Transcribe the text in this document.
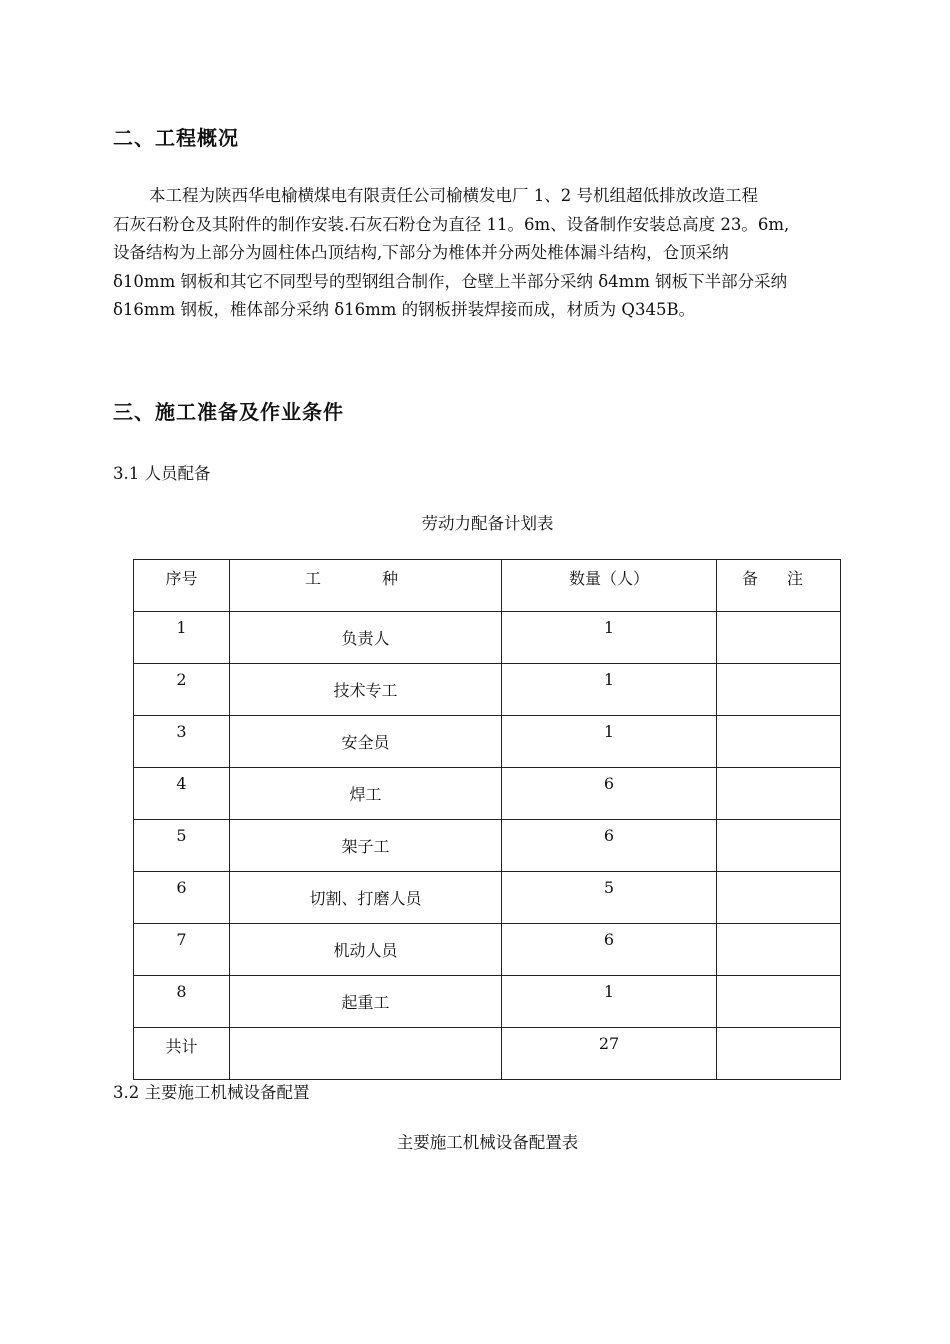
二、工程概况

本工程为陕西华电榆横煤电有限责任公司榆横发电厂 1、2 号机组超低排放改造工程
石灰石粉仓及其附件的制作安装.石灰石粉仓为直径 11。6m、设备制作安装总高度 23。6m,
设备结构为上部分为圆柱体凸顶结构,下部分为椎体并分两处椎体漏斗结构，仓顶采纳
δ10mm 钢板和其它不同型号的型钢组合制作，仓壁上半部分采纳 δ4mm 钢板下半部分采纳
δ16mm 钢板，椎体部分采纳 δ16mm 的钢板拼装焊接而成，材质为 Q345B。

三、施工准备及作业条件

3.1 人员配备

劳动力配备计划表

序号	工 种	数量（人）	备 注
1	负责人	1	
2	技术专工	1	
3	安全员	1	
4	焊工	6	
5	架子工	6	
6	切割、打磨人员	5	
7	机动人员	6	
8	起重工	1	
共计		27	

3.2 主要施工机械设备配置

主要施工机械设备配置表
